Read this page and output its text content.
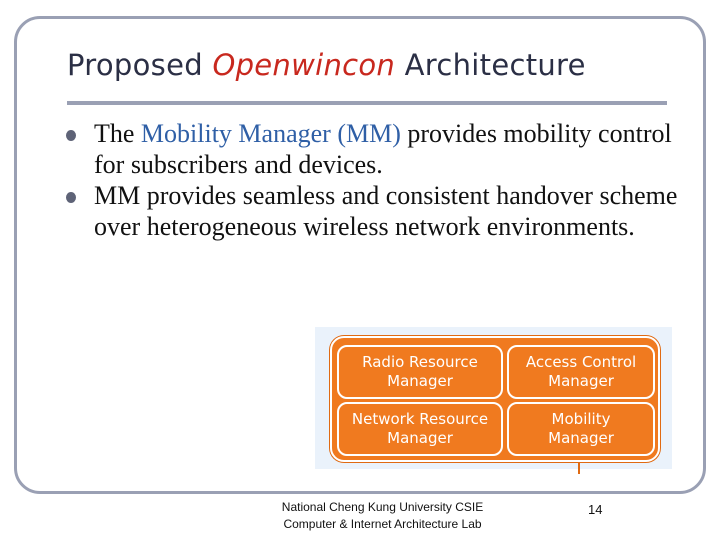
Proposed Openwincon Architecture
The Mobility Manager (MM) provides mobility control for subscribers and devices.
MM provides seamless and consistent handover scheme over heterogeneous wireless network environments.
Radio Resource
Manager
Access Control
Manager
Network Resource
Manager
Mobility
Manager
National Cheng Kung University CSIE
Computer & Internet Architecture Lab
14
